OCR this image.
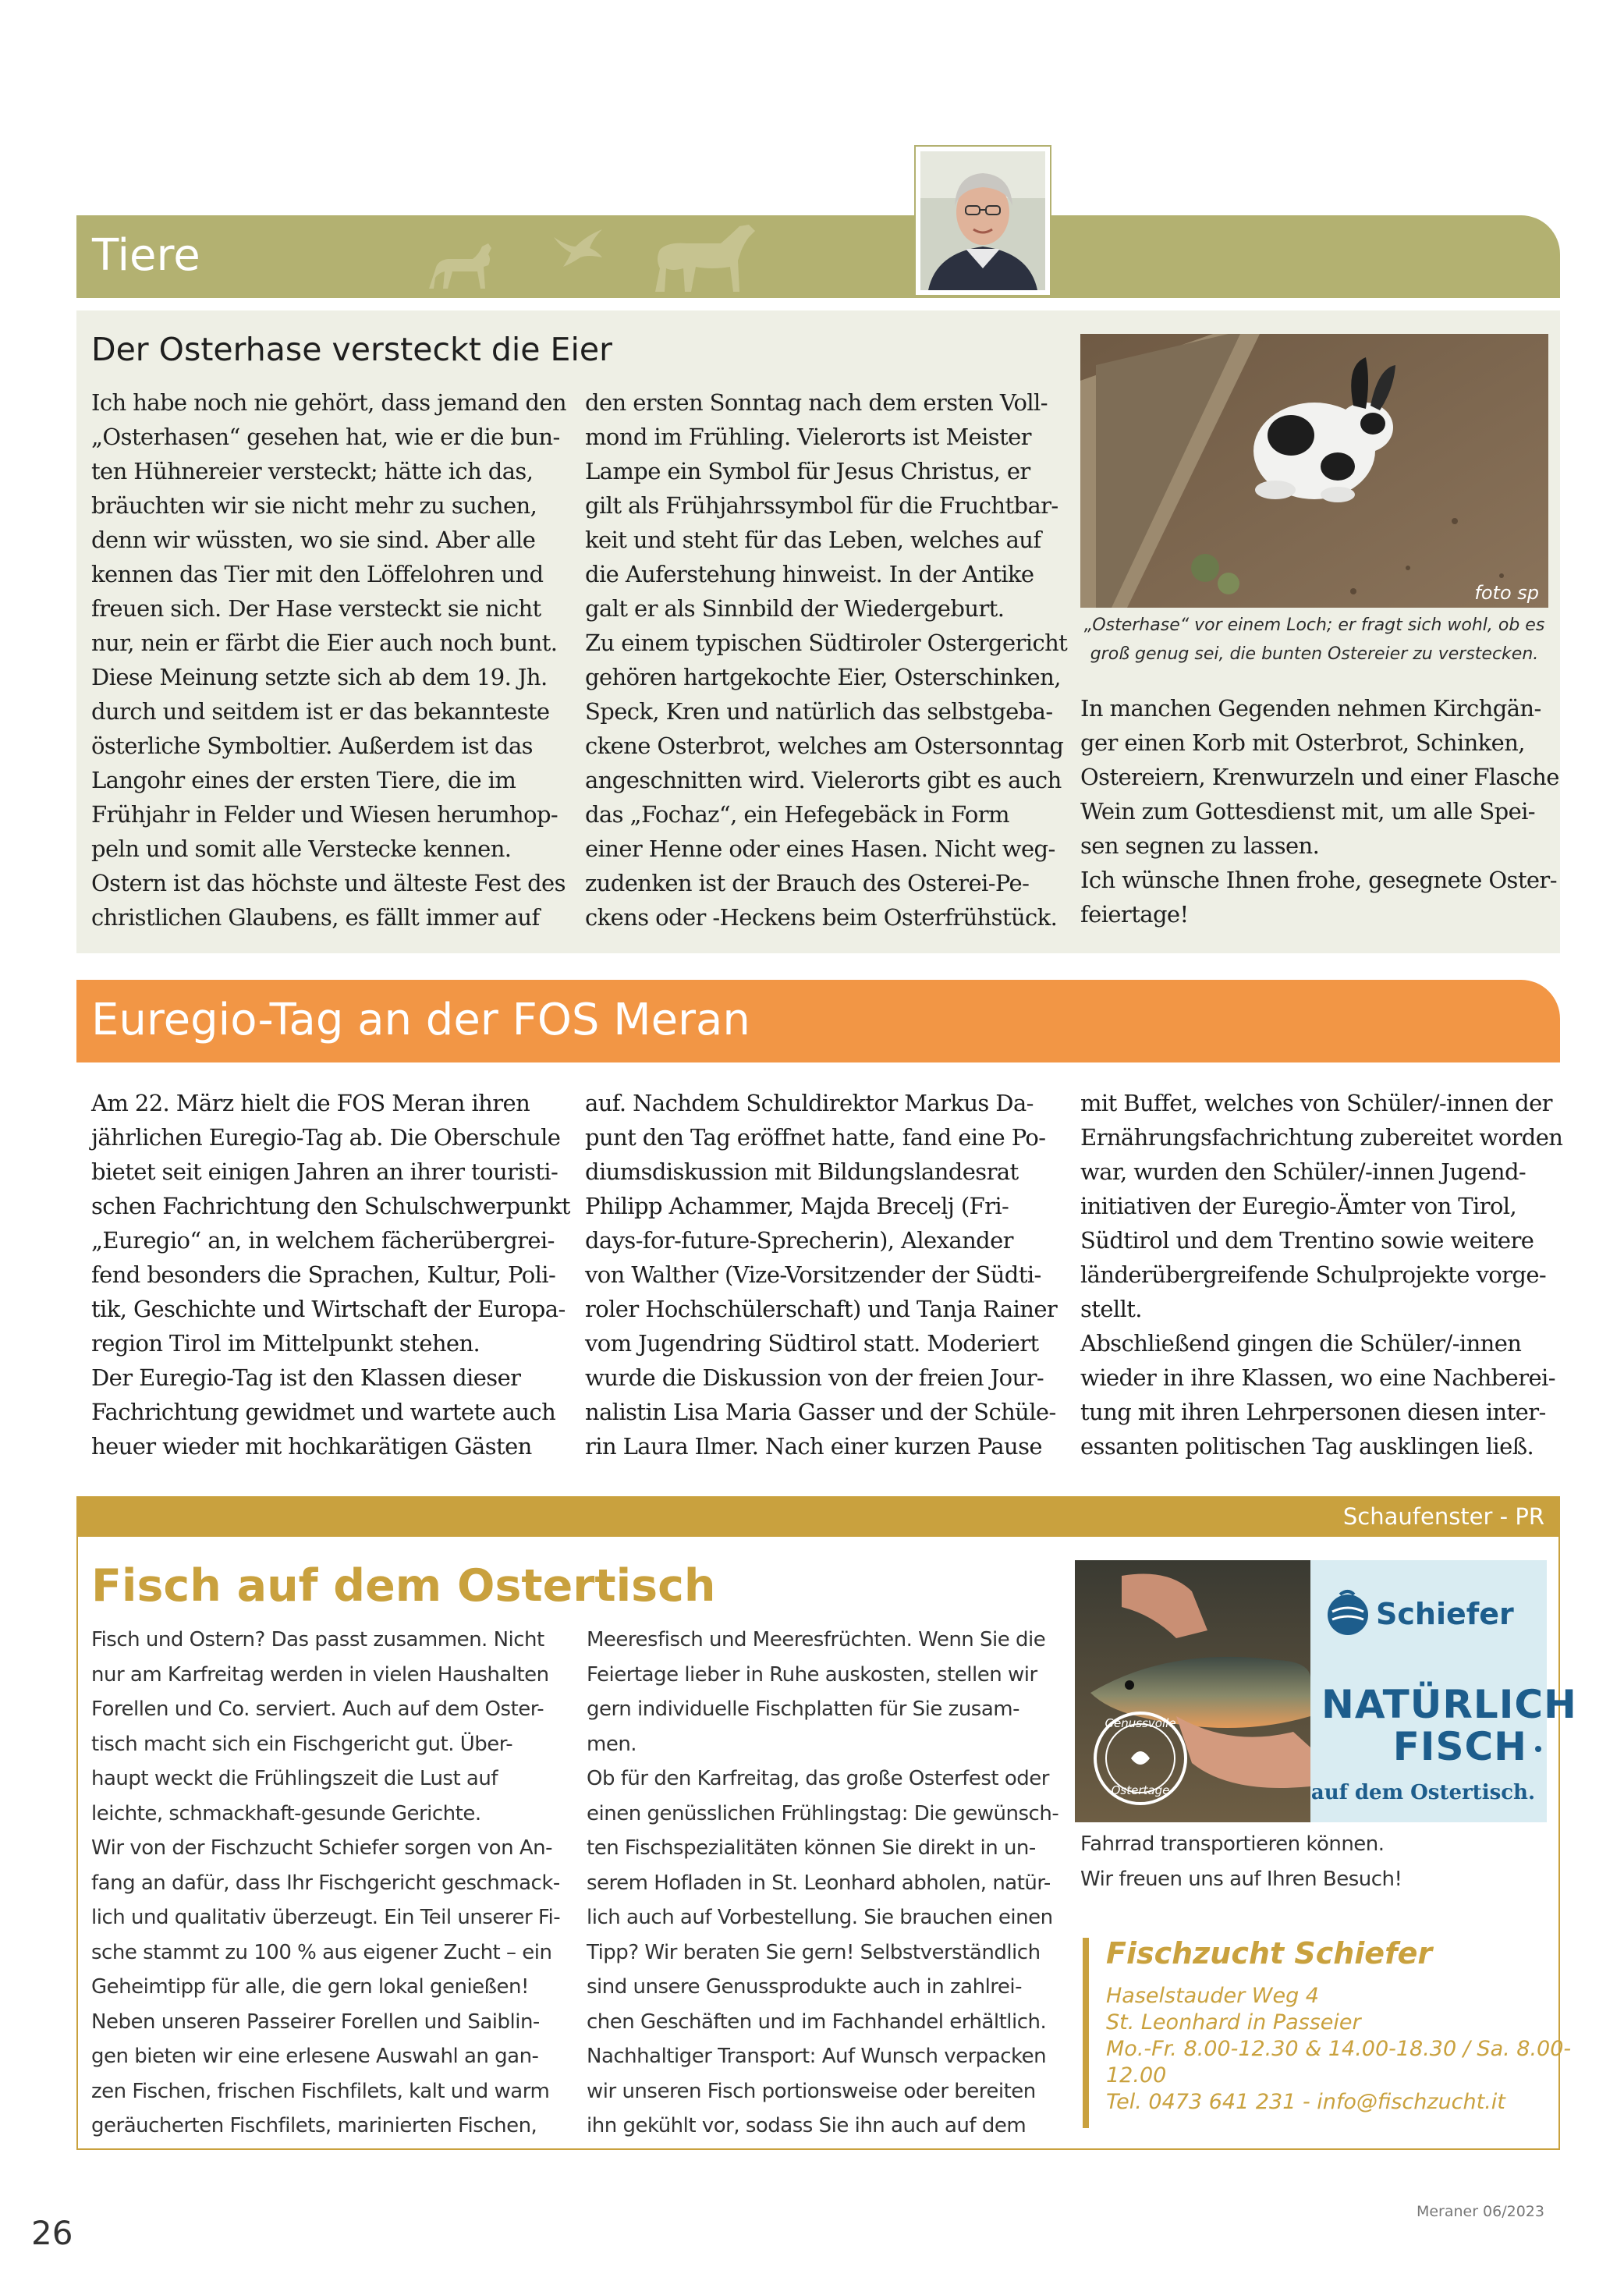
Tiere
Der Osterhase versteckt die Eier

Ich habe noch nie gehört, dass jemand den

„Osterhasen“ gesehen hat, wie er die bun-

ten Hühnereier versteckt; hätte ich das,

bräuchten wir sie nicht mehr zu suchen,

denn wir wüssten, wo sie sind. Aber alle

kennen das Tier mit den Löffelohren und

freuen sich. Der Hase versteckt sie nicht

nur, nein er färbt die Eier auch noch bunt.

Diese Meinung setzte sich ab dem 19. Jh.

durch und seitdem ist er das bekannteste

österliche Symboltier. Außerdem ist das

Langohr eines der ersten Tiere, die im

Frühjahr in Felder und Wiesen herumhop-

peln und somit alle Verstecke kennen.

Ostern ist das höchste und älteste Fest des

christlichen Glaubens, es fällt immer auf

den ersten Sonntag nach dem ersten Voll-

mond im Frühling. Vielerorts ist Meister

Lampe ein Symbol für Jesus Christus, er

gilt als Frühjahrssymbol für die Fruchtbar-

keit und steht für das Leben, welches auf

die Auferstehung hinweist. In der Antike

galt er als Sinnbild der Wiedergeburt.

Zu einem typischen Südtiroler Ostergericht

gehören hartgekochte Eier, Osterschinken,

Speck, Kren und natürlich das selbstgeba-

ckene Osterbrot, welches am Ostersonntag

angeschnitten wird. Vielerorts gibt es auch

das „Fochaz“, ein Hefegebäck in Form

einer Henne oder eines Hasen. Nicht weg-

zudenken ist der Brauch des Osterei-Pe-

ckens oder -Heckens beim Osterfrühstück.

foto sp
„Osterhase“ vor einem Loch; er fragt sich wohl, ob es
groß genug sei, die bunten Ostereier zu verstecken.

In manchen Gegenden nehmen Kirchgän-

ger einen Korb mit Osterbrot, Schinken,

Ostereiern, Krenwurzeln und einer Flasche

Wein zum Gottesdienst mit, um alle Spei-

sen segnen zu lassen.

Ich wünsche Ihnen frohe, gesegnete Oster-

feiertage!

Euregio-Tag an der FOS Meran

Am 22. März hielt die FOS Meran ihren

jährlichen Euregio-Tag ab. Die Oberschule

bietet seit einigen Jahren an ihrer touristi-

schen Fachrichtung den Schulschwerpunkt

„Euregio“ an, in welchem fächerübergrei-

fend besonders die Sprachen, Kultur, Poli-

tik, Geschichte und Wirtschaft der Europa-

region Tirol im Mittelpunkt stehen.

Der Euregio-Tag ist den Klassen dieser

Fachrichtung gewidmet und wartete auch

heuer wieder mit hochkarätigen Gästen

auf. Nachdem Schuldirektor Markus Da-

punt den Tag eröffnet hatte, fand eine Po-

diumsdiskussion mit Bildungslandesrat

Philipp Achammer, Majda Brecelj (Fri-

days-for-future-Sprecherin), Alexander

von Walther (Vize-Vorsitzender der Südti-

roler Hochschülerschaft) und Tanja Rainer

vom Jugendring Südtirol statt. Moderiert

wurde die Diskussion von der freien Jour-

nalistin Lisa Maria Gasser und der Schüle-

rin Laura Ilmer. Nach einer kurzen Pause

mit Buffet, welches von Schüler/-innen der

Ernährungsfachrichtung zubereitet worden

war, wurden den Schüler/-innen Jugend-

initiativen der Euregio-Ämter von Tirol,

Südtirol und dem Trentino sowie weitere

länderübergreifende Schulprojekte vorge-

stellt.

Abschließend gingen die Schüler/-innen

wieder in ihre Klassen, wo eine Nachberei-

tung mit ihren Lehrpersonen diesen inter-

essanten politischen Tag ausklingen ließ.

Schaufenster - PR
Fisch auf dem Ostertisch

Fisch und Ostern? Das passt zusammen. Nicht

nur am Karfreitag werden in vielen Haushalten

Forellen und Co. serviert. Auch auf dem Oster-

tisch macht sich ein Fischgericht gut. Über-

haupt weckt die Frühlingszeit die Lust auf

leichte, schmackhaft-gesunde Gerichte.

Wir von der Fischzucht Schiefer sorgen von An-

fang an dafür, dass Ihr Fischgericht geschmack-

lich und qualitativ überzeugt. Ein Teil unserer Fi-

sche stammt zu 100 % aus eigener Zucht – ein

Geheimtipp für alle, die gern lokal genießen!

Neben unseren Passeirer Forellen und Saiblin-

gen bieten wir eine erlesene Auswahl an gan-

zen Fischen, frischen Fischfilets, kalt und warm

geräucherten Fischfilets, marinierten Fischen,

Meeresfisch und Meeresfrüchten. Wenn Sie die

Feiertage lieber in Ruhe auskosten, stellen wir

gern individuelle Fischplatten für Sie zusam-

men.

Ob für den Karfreitag, das große Osterfest oder

einen genüsslichen Frühlingstag: Die gewünsch-

ten Fischspezialitäten können Sie direkt in un-

serem Hofladen in St. Leonhard abholen, natür-

lich auch auf Vorbestellung. Sie brauchen einen

Tipp? Wir beraten Sie gern! Selbstverständlich

sind unsere Genussprodukte auch in zahlrei-

chen Geschäften und im Fachhandel erhältlich.

Nachhaltiger Transport: Auf Wunsch verpacken

wir unseren Fisch portionsweise oder bereiten

ihn gekühlt vor, sodass Sie ihn auch auf dem

Genussvolle
Ostertage
Schiefer
NATÜRLICH
FISCH
auf dem Ostertisch.

Fahrrad transportieren können.

Wir freuen uns auf Ihren Besuch!

Fischzucht Schiefer
Haselstauder Weg 4
St. Leonhard in Passeier
Mo.-Fr. 8.00-12.30 & 14.00-18.30 / Sa. 8.00-
12.00
Tel. 0473 641 231 - info@fischzucht.it
26
Meraner 06/2023
